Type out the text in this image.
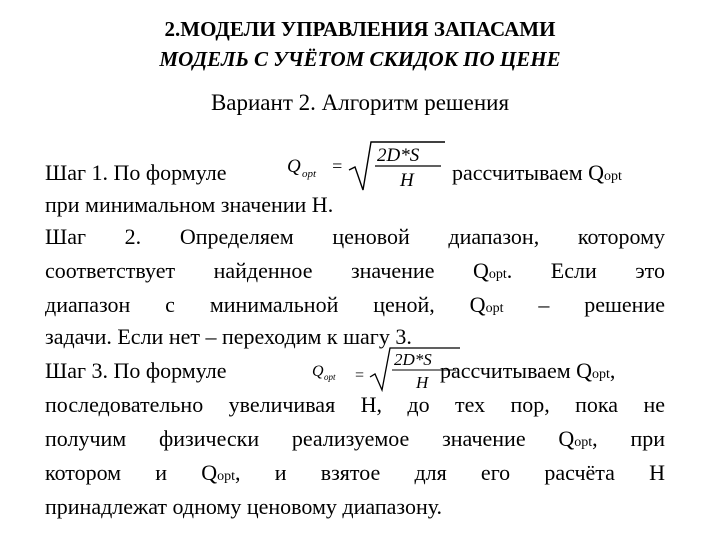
2.МОДЕЛИ УПРАВЛЕНИЯ ЗАПАСАМИ
МОДЕЛЬ С УЧЁТОМ СКИДОК ПО ЦЕНЕ
Вариант 2. Алгоритм решения
Шаг 1. По формуле	рассчитываем Qopt
Q opt = 2D*S
H
при минимальном значении H.
Шаг 2. Определяем ценовой диапазон, которому
соответствует найденное значение Qopt. Если это
диапазон с минимальной ценой, Qopt – решение
задачи. Если нет – переходим к шагу 3.
Шаг 3. По формуле	рассчитываем Qopt,
Q opt =
2D*S
H
последовательно увеличивая H, до тех пор, пока не
получим физически реализуемое значение Qopt, при
котором и Qopt, и взятое для его расчёта H
принадлежат одному ценовому диапазону.
